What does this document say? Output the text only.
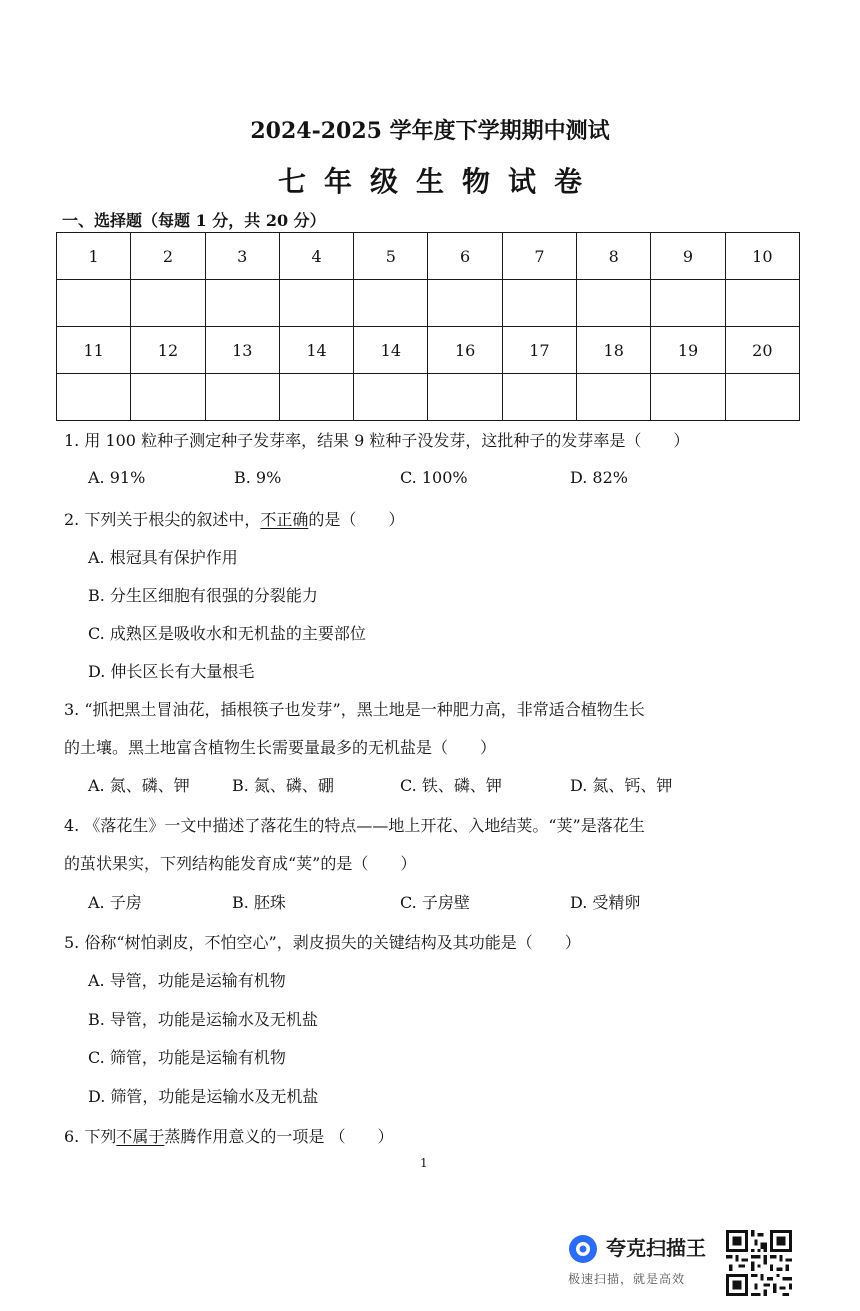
2024-2025 学年度下学期期中测试
七年级生物试卷
一、选择题（每题 1 分，共 20 分）
1	2	3	4	5	6	7	8	9	10

11	12	13	14	14	16	17	18	19	20

1. 用 100 粒种子测定种子发芽率，结果 9 粒种子没发芽，这批种子的发芽率是（　　）
A. 91%	B. 9%	C. 100%	D. 82%
2. 下列关于根尖的叙述中，不正确的是（　　）
A. 根冠具有保护作用
B. 分生区细胞有很强的分裂能力
C. 成熟区是吸收水和无机盐的主要部位
D. 伸长区长有大量根毛
3. “抓把黑土冒油花，插根筷子也发芽”，黑土地是一种肥力高，非常适合植物生长
的土壤。黑土地富含植物生长需要量最多的无机盐是（　　）
A. 氮、磷、钾	B. 氮、磷、硼	C. 铁、磷、钾	D. 氮、钙、钾
4. 《落花生》一文中描述了落花生的特点——地上开花、入地结荚。“荚”是落花生
的茧状果实，下列结构能发育成“荚”的是（　　）
A. 子房	B. 胚珠	C. 子房壁	D. 受精卵
5. 俗称“树怕剥皮，不怕空心”，剥皮损失的关键结构及其功能是（　　）
A. 导管，功能是运输有机物
B. 导管，功能是运输水及无机盐
C. 筛管，功能是运输有机物
D. 筛管，功能是运输水及无机盐
6. 下列不属于蒸腾作用意义的一项是 （　　）
1
夸克扫描王
极速扫描，就是高效
